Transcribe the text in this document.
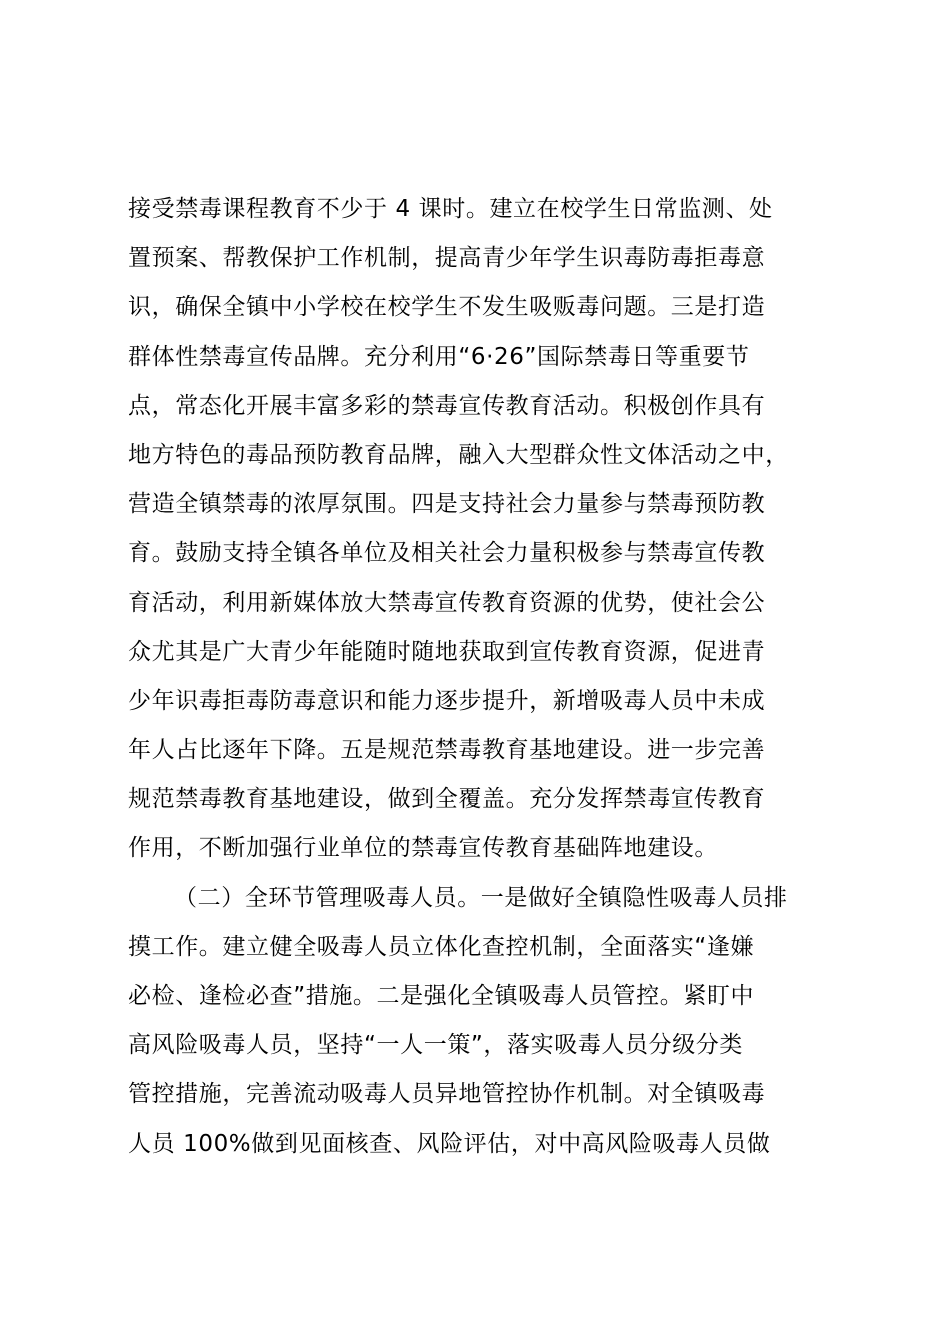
接受禁毒课程教育不少于 4 课时。建立在校学生日常监测、处

置预案、帮教保护工作机制，提高青少年学生识毒防毒拒毒意

识，确保全镇中小学校在校学生不发生吸贩毒问题。三是打造

群体性禁毒宣传品牌。充分利用“6·26”国际禁毒日等重要节

点，常态化开展丰富多彩的禁毒宣传教育活动。积极创作具有

地方特色的毒品预防教育品牌，融入大型群众性文体活动之中，

营造全镇禁毒的浓厚氛围。四是支持社会力量参与禁毒预防教

育。鼓励支持全镇各单位及相关社会力量积极参与禁毒宣传教

育活动，利用新媒体放大禁毒宣传教育资源的优势，使社会公

众尤其是广大青少年能随时随地获取到宣传教育资源，促进青

少年识毒拒毒防毒意识和能力逐步提升，新增吸毒人员中未成

年人占比逐年下降。五是规范禁毒教育基地建设。进一步完善

规范禁毒教育基地建设，做到全覆盖。充分发挥禁毒宣传教育

作用，不断加强行业单位的禁毒宣传教育基础阵地建设。

（二）全环节管理吸毒人员。一是做好全镇隐性吸毒人员排

摸工作。建立健全吸毒人员立体化查控机制，全面落实“逢嫌

必检、逢检必查”措施。二是强化全镇吸毒人员管控。紧盯中

高风险吸毒人员，坚持“一人一策”，落实吸毒人员分级分类

管控措施，完善流动吸毒人员异地管控协作机制。对全镇吸毒

人员 100%做到见面核查、风险评估，对中高风险吸毒人员做
